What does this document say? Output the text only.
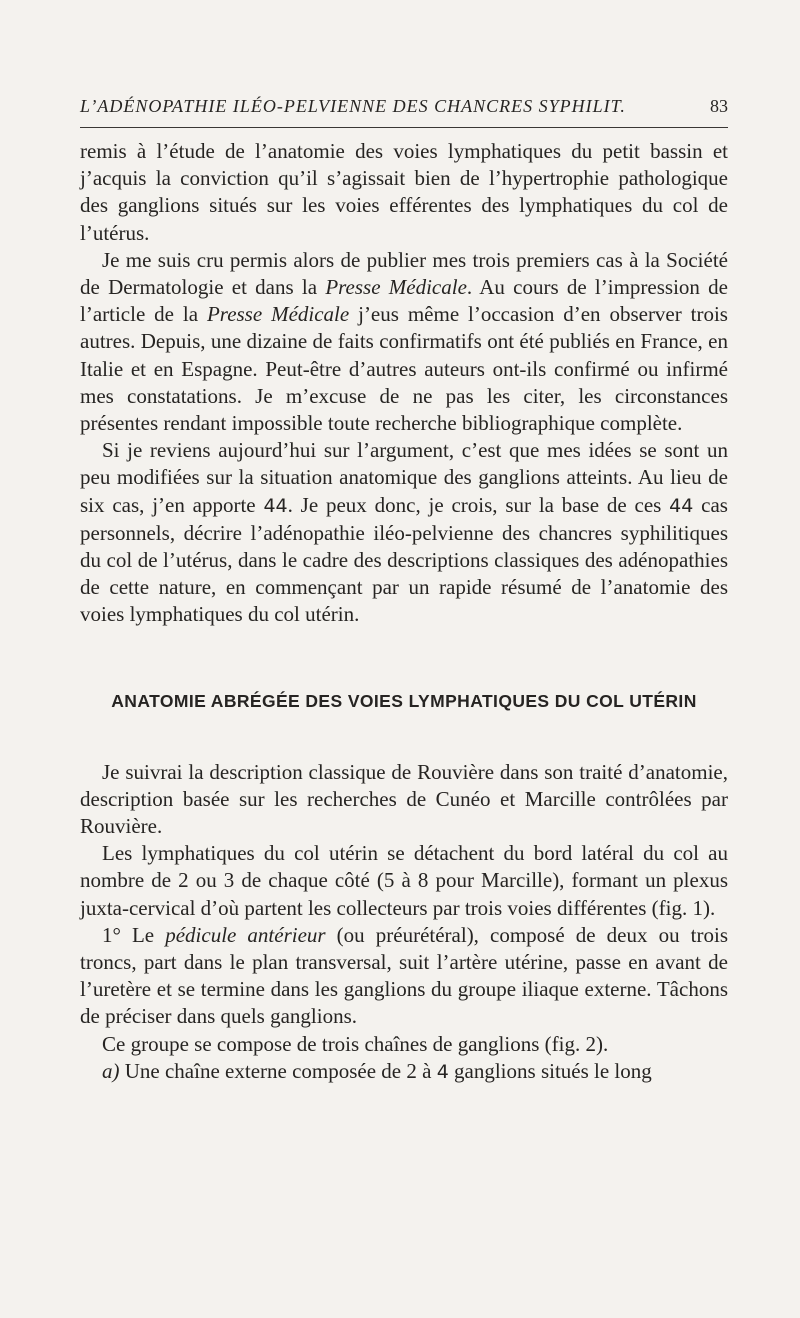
L’ADÉNOPATHIE ILÉO-PELVIENNE DES CHANCRES SYPHILIT.	83

remis à l’étude de l’anatomie des voies lymphatiques du petit bassin et j’acquis la conviction qu’il s’agissait bien de l’hypertrophie pathologique des ganglions situés sur les voies efférentes des lymphatiques du col de l’utérus.

Je me suis cru permis alors de publier mes trois premiers cas à la Société de Dermatologie et dans la Presse Médicale. Au cours de l’impression de l’article de la Presse Médicale j’eus même l’occasion d’en observer trois autres. Depuis, une dizaine de faits confirmatifs ont été publiés en France, en Italie et en Espagne. Peut-être d’autres auteurs ont-ils confirmé ou infirmé mes constatations. Je m’excuse de ne pas les citer, les circonstances présentes rendant impossible toute recherche bibliographique complète.

Si je reviens aujourd’hui sur l’argument, c’est que mes idées se sont un peu modifiées sur la situation anatomique des ganglions atteints. Au lieu de six cas, j’en apporte 44. Je peux donc, je crois, sur la base de ces 44 cas personnels, décrire l’adénopathie iléo-pelvienne des chancres syphilitiques du col de l’utérus, dans le cadre des descriptions classiques des adénopathies de cette nature, en commençant par un rapide résumé de l’anatomie des voies lymphatiques du col utérin.

ANATOMIE ABRÉGÉE DES VOIES LYMPHATIQUES DU COL UTÉRIN

Je suivrai la description classique de Rouvière dans son traité d’anatomie, description basée sur les recherches de Cunéo et Marcille contrôlées par Rouvière.

Les lymphatiques du col utérin se détachent du bord latéral du col au nombre de 2 ou 3 de chaque côté (5 à 8 pour Marcille), formant un plexus juxta-cervical d’où partent les collecteurs par trois voies différentes (fig. 1).

1° Le pédicule antérieur (ou préurétéral), composé de deux ou trois troncs, part dans le plan transversal, suit l’artère utérine, passe en avant de l’uretère et se termine dans les ganglions du groupe iliaque externe. Tâchons de préciser dans quels ganglions.

Ce groupe se compose de trois chaînes de ganglions (fig. 2).

a) Une chaîne externe composée de 2 à 4 ganglions situés le long
